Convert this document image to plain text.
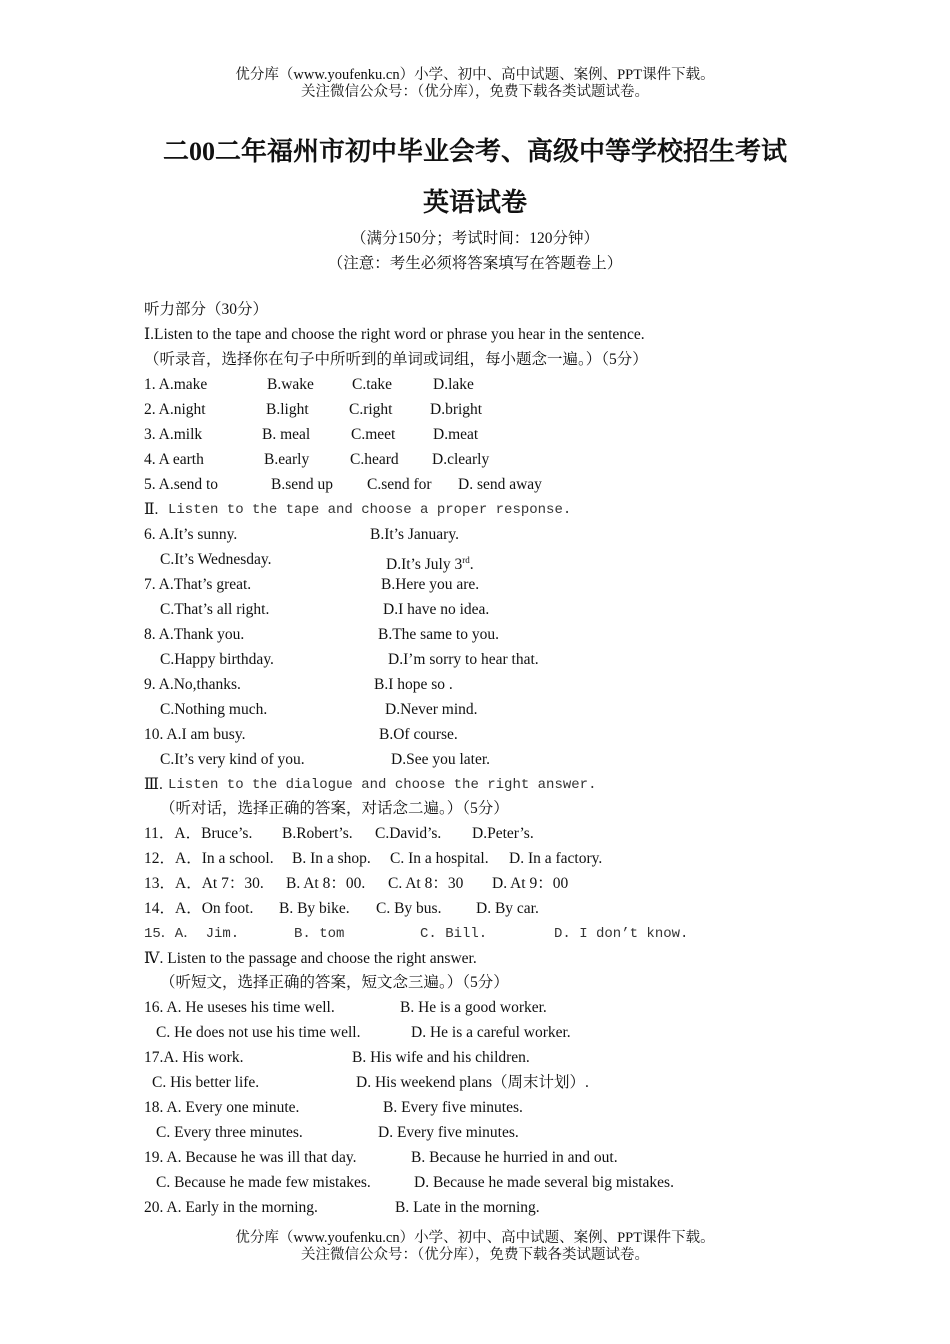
优分库（www.youfenku.cn）小学、初中、高中试题、案例、PPT课件下载。
关注微信公众号：（优分库），免费下载各类试题试卷。
二00二年福州市初中毕业会考、高级中等学校招生考试
英语试卷
（满分150分；考试时间：120分钟）
（注意：考生必须将答案填写在答题卷上）
听力部分（30分）
Ⅰ.Listen to the tape and choose the right word or phrase you hear in the sentence.
（听录音，选择你在句子中所听到的单词或词组，每小题念一遍。）（5分）
1. A.make	B.wake C.take	D.lake
2. A.night	B.light	C.right D.bright
3. A.milk	B. meal	C.meet D.meat
4. A earth	B.early	C.heard D.clearly
5. A.send to	B.send up C.send for D. send away
Ⅱ. Listen to the tape and choose a proper response.
6. A.It’s sunny.	B.It’s January.
C.It’s Wednesday.	D.It’s July 3rd.
7. A.That’s great.	B.Here you are.
C.That’s all right.	D.I have no idea.
8. A.Thank you.	B.The same to you.
C.Happy birthday.	D.I’m sorry to hear that.
9. A.No,thanks.	B.I hope so .
C.Nothing much.	D.Never mind.
10. A.I am busy.	B.Of course.
C.It’s very kind of you.	D.See you later.
Ⅲ. Listen to the dialogue and choose the right answer.
（听对话，选择正确的答案，对话念二遍。）（5分）
11．A．Bruce’s. B.Robert’s. C.David’s. D.Peter’s.
12．A．In a school. B. In a shop. C. In a hospital. D. In a factory.
13．A．At 7：30. B. At 8：00. C. At 8：30 D. At 9：00
14．A．On foot. B. By bike. C. By bus. D. By car.
15．A． Jim.	B. tom	C. Bill.	D. I don’t know.
Ⅳ. Listen to the passage and choose the right answer.
（听短文，选择正确的答案，短文念三遍。）（5分）
16. A. He useses his time well.	B. He is a good worker.
C. He does not use his time well.	D. He is a careful worker.
17.A. His work.	B. His wife and his children.
C. His better life.	D. His weekend plans（周末计划）.
18. A. Every one minute.	B. Every five minutes.
C. Every three minutes.	D. Every five minutes.
19. A. Because he was ill that day.	B. Because he hurried in and out.
C. Because he made few mistakes.	D. Because he made several big mistakes.
20. A. Early in the morning.	B. Late in the morning.
优分库（www.youfenku.cn）小学、初中、高中试题、案例、PPT课件下载。
关注微信公众号：（优分库），免费下载各类试题试卷。
